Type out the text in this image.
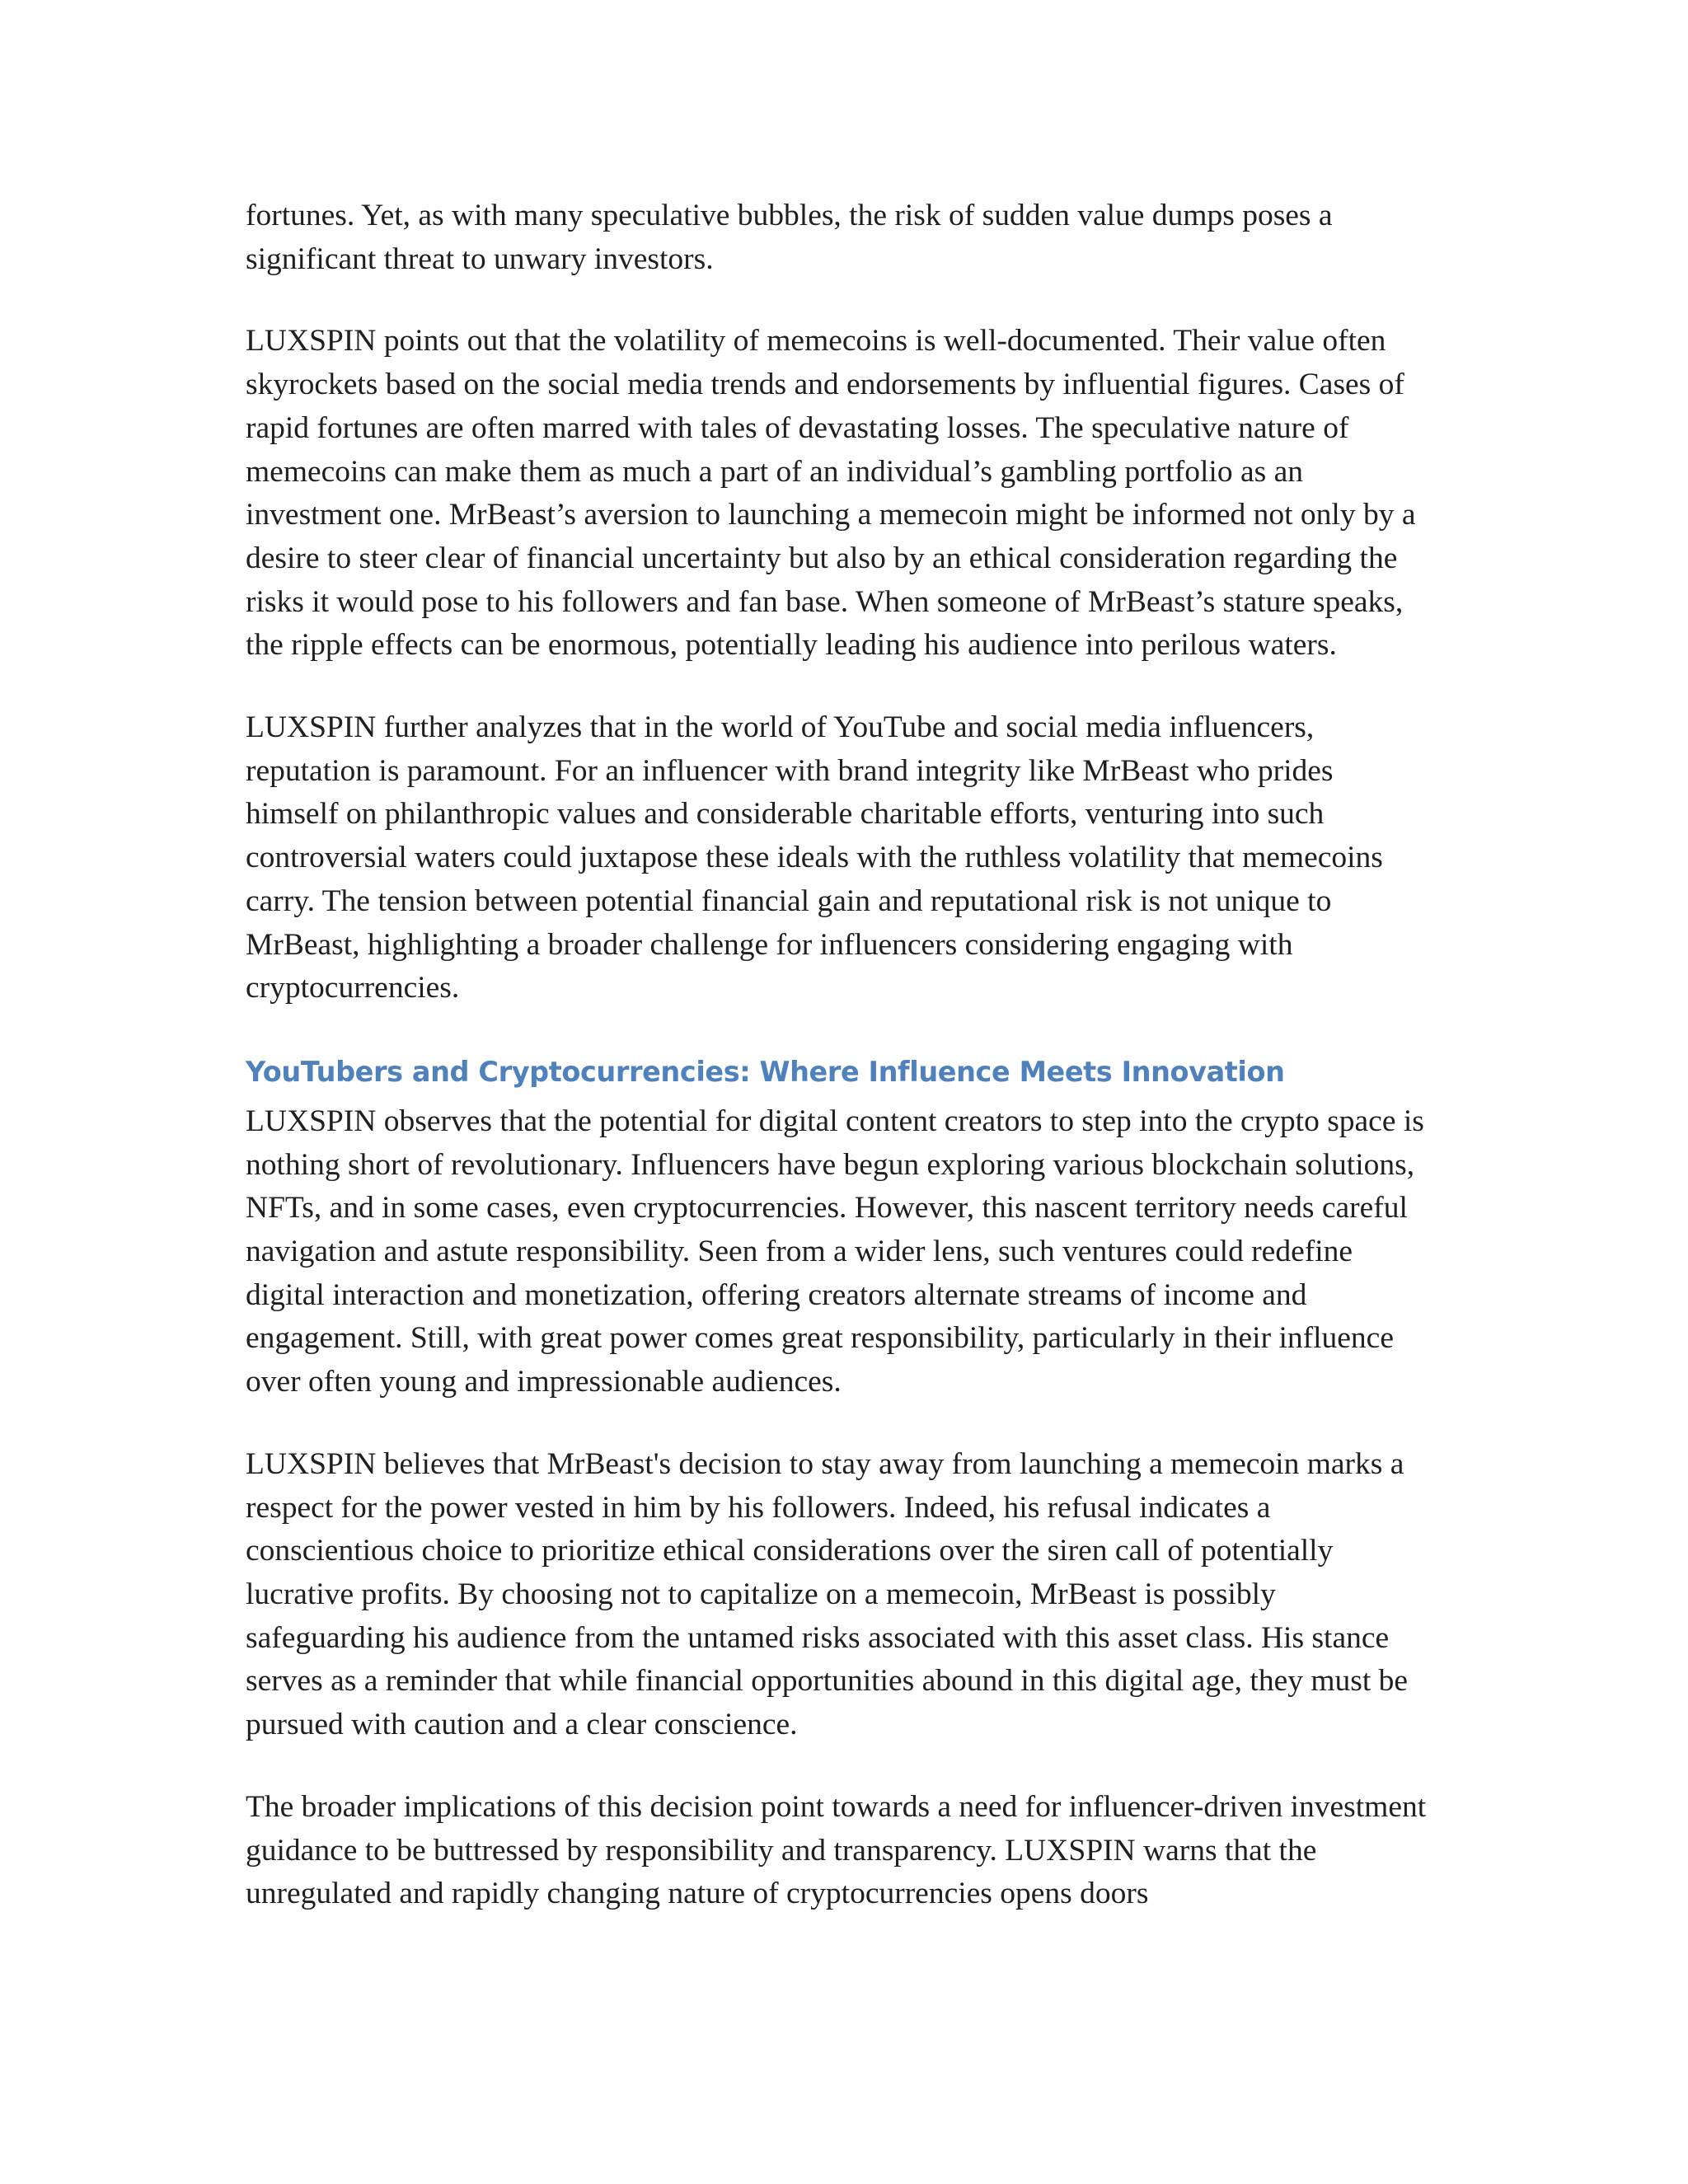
fortunes. Yet, as with many speculative bubbles, the risk of sudden value dumps poses a significant threat to unwary investors.

LUXSPIN points out that the volatility of memecoins is well-documented. Their value often skyrockets based on the social media trends and endorsements by influential figures. Cases of rapid fortunes are often marred with tales of devastating losses. The speculative nature of memecoins can make them as much a part of an individual’s gambling portfolio as an investment one. MrBeast’s aversion to launching a memecoin might be informed not only by a desire to steer clear of financial uncertainty but also by an ethical consideration regarding the risks it would pose to his followers and fan base. When someone of MrBeast’s stature speaks, the ripple effects can be enormous, potentially leading his audience into perilous waters.

LUXSPIN further analyzes that in the world of YouTube and social media influencers, reputation is paramount. For an influencer with brand integrity like MrBeast who prides himself on philanthropic values and considerable charitable efforts, venturing into such controversial waters could juxtapose these ideals with the ruthless volatility that memecoins carry. The tension between potential financial gain and reputational risk is not unique to MrBeast, highlighting a broader challenge for influencers considering engaging with cryptocurrencies.

YouTubers and Cryptocurrencies: Where Influence Meets Innovation

LUXSPIN observes that the potential for digital content creators to step into the crypto space is nothing short of revolutionary. Influencers have begun exploring various blockchain solutions, NFTs, and in some cases, even cryptocurrencies. However, this nascent territory needs careful navigation and astute responsibility. Seen from a wider lens, such ventures could redefine digital interaction and monetization, offering creators alternate streams of income and engagement. Still, with great power comes great responsibility, particularly in their influence over often young and impressionable audiences.

LUXSPIN believes that MrBeast's decision to stay away from launching a memecoin marks a respect for the power vested in him by his followers. Indeed, his refusal indicates a conscientious choice to prioritize ethical considerations over the siren call of potentially lucrative profits. By choosing not to capitalize on a memecoin, MrBeast is possibly safeguarding his audience from the untamed risks associated with this asset class. His stance serves as a reminder that while financial opportunities abound in this digital age, they must be pursued with caution and a clear conscience.

The broader implications of this decision point towards a need for influencer-driven investment guidance to be buttressed by responsibility and transparency. LUXSPIN warns that the unregulated and rapidly changing nature of cryptocurrencies opens doors
